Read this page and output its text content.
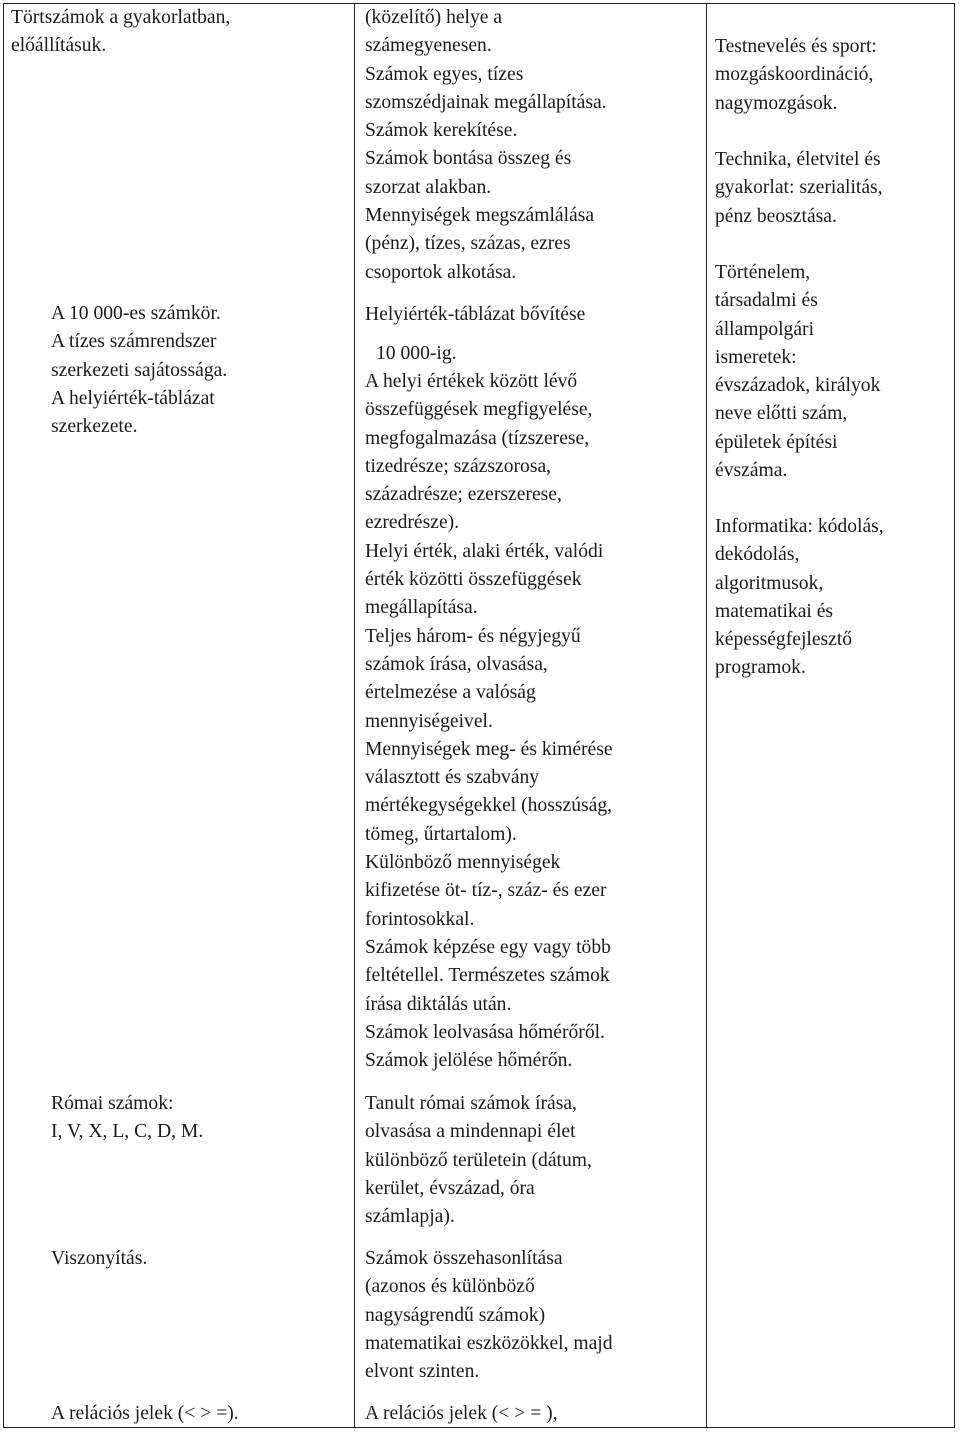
Törtszámok a gyakorlatban,
előállításuk.

A 10 000-es számkör.
A tízes számrendszer
szerkezeti sajátossága.
A helyiérték-táblázat
szerkezete.

Római számok:
I, V, X, L, C, D, M.

Viszonyítás.

A relációs jelek (< > =).

(közelítő) helye a
számegyenesen.
Számok egyes, tízes
szomszédjainak megállapítása.
Számok kerekítése.
Számok bontása összeg és
szorzat alakban.
Mennyiségek megszámlálása
(pénz), tízes, százas, ezres
csoportok alkotása.

Helyiérték-táblázat bővítése

10 000-ig.

A helyi értékek között lévő
összefüggések megfigyelése,
megfogalmazása (tízszerese,
tizedrésze; százszorosa,
századrésze; ezerszerese,
ezredrésze).
Helyi érték, alaki érték, valódi
érték közötti összefüggések
megállapítása.
Teljes három- és négyjegyű
számok írása, olvasása,
értelmezése a valóság
mennyiségeivel.
Mennyiségek meg- és kimérése
választott és szabvány
mértékegységekkel (hosszúság,
tömeg, űrtartalom).
Különböző mennyiségek
kifizetése öt- tíz-, száz- és ezer
forintosokkal.
Számok képzése egy vagy több
feltétellel. Természetes számok
írása diktálás után.
Számok leolvasása hőmérőről.
Számok jelölése hőmérőn.

Tanult római számok írása,
olvasása a mindennapi élet
különböző területein (dátum,
kerület, évszázad, óra
számlapja).

Számok összehasonlítása
(azonos és különböző
nagyságrendű számok)
matematikai eszközökkel, majd
elvont szinten.

A relációs jelek (< > = ),

Testnevelés és sport:
mozgáskoordináció,
nagymozgások.

Technika, életvitel és
gyakorlat: szerialitás,
pénz beosztása.

Történelem,
társadalmi és
állampolgári
ismeretek:
évszázadok, királyok
neve előtti szám,
épületek építési
évszáma.

Informatika: kódolás,
dekódolás,
algoritmusok,
matematikai és
képességfejlesztő
programok.
